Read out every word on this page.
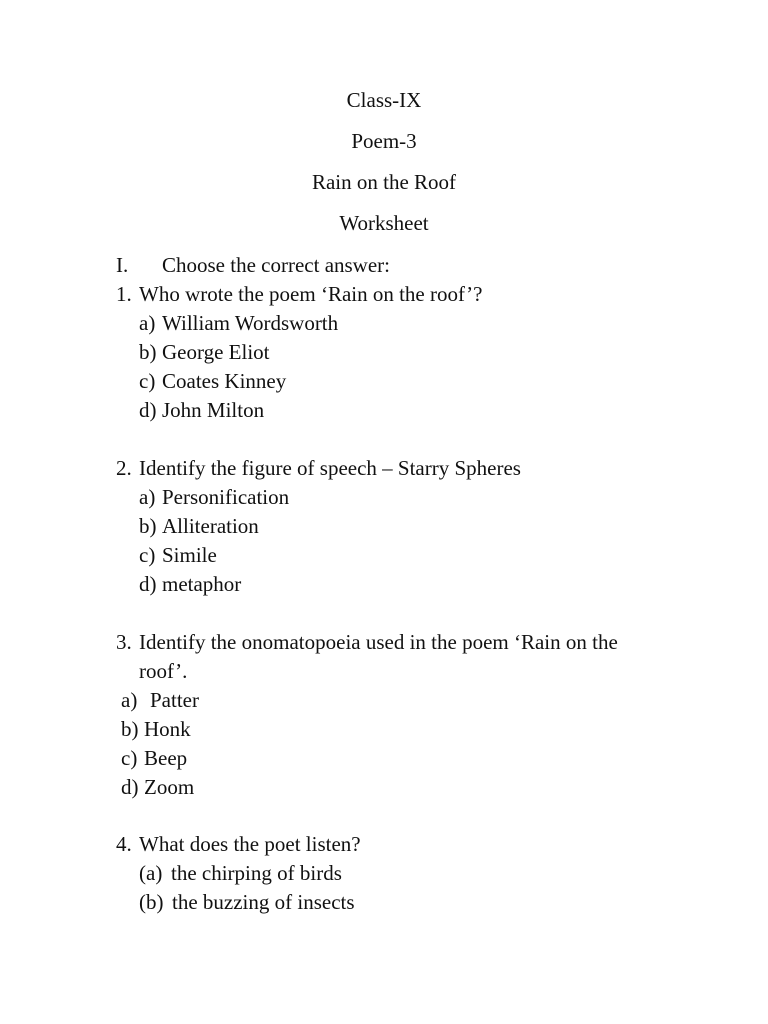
Class-IX
Poem-3
Rain on the Roof
Worksheet
I. Choose the correct answer:
1. Who wrote the poem ‘Rain on the roof’?
a) William Wordsworth
b) George Eliot
c) Coates Kinney
d) John Milton
2. Identify the figure of speech – Starry Spheres
a) Personification
b) Alliteration
c) Simile
d) metaphor
3. Identify the onomatopoeia used in the poem ‘Rain on the
roof’.
a) Patter
b) Honk
c) Beep
d) Zoom
4. What does the poet listen?
(a) the chirping of birds
(b) the buzzing of insects
